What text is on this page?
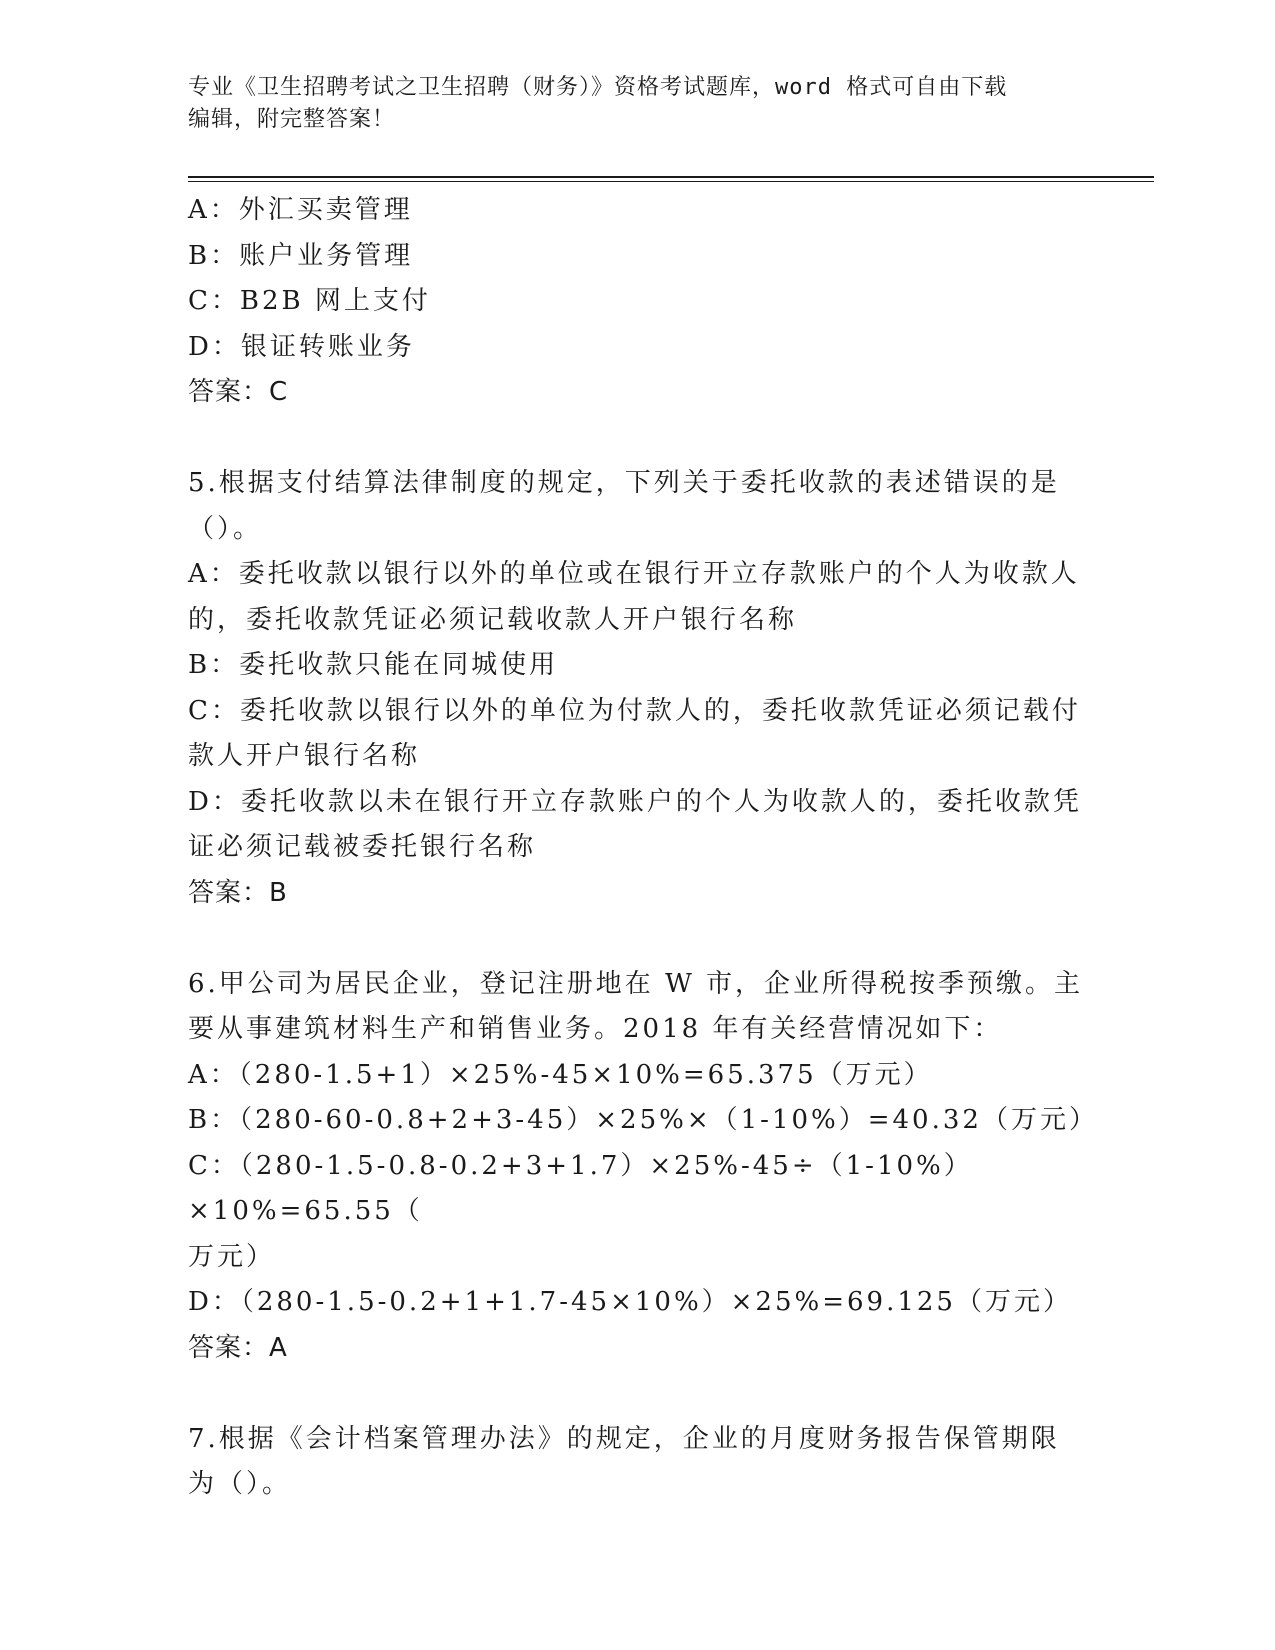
专业《卫生招聘考试之卫生招聘（财务）》资格考试题库，word 格式可自由下载
编辑，附完整答案！
A：外汇买卖管理
B：账户业务管理
C：B2B 网上支付
D：银证转账业务
答案：C
5.根据支付结算法律制度的规定，下列关于委托收款的表述错误的是
（）。
A：委托收款以银行以外的单位或在银行开立存款账户的个人为收款人
的，委托收款凭证必须记载收款人开户银行名称
B：委托收款只能在同城使用
C：委托收款以银行以外的单位为付款人的，委托收款凭证必须记载付
款人开户银行名称
D：委托收款以未在银行开立存款账户的个人为收款人的，委托收款凭
证必须记载被委托银行名称
答案：B
6.甲公司为居民企业，登记注册地在 W 市，企业所得税按季预缴。主
要从事建筑材料生产和销售业务。2018 年有关经营情况如下：
A：（280-1.5+1）×25%-45×10%=65.375（万元）
B：（280-60-0.8+2+3-45）×25%×（1-10%）=40.32（万元）
C：（280-1.5-0.8-0.2+3+1.7）×25%-45÷（1-10%）×10%=65.55（
万元）
D：（280-1.5-0.2+1+1.7-45×10%）×25%=69.125（万元）
答案：A
7.根据《会计档案管理办法》的规定，企业的月度财务报告保管期限
为（）。
